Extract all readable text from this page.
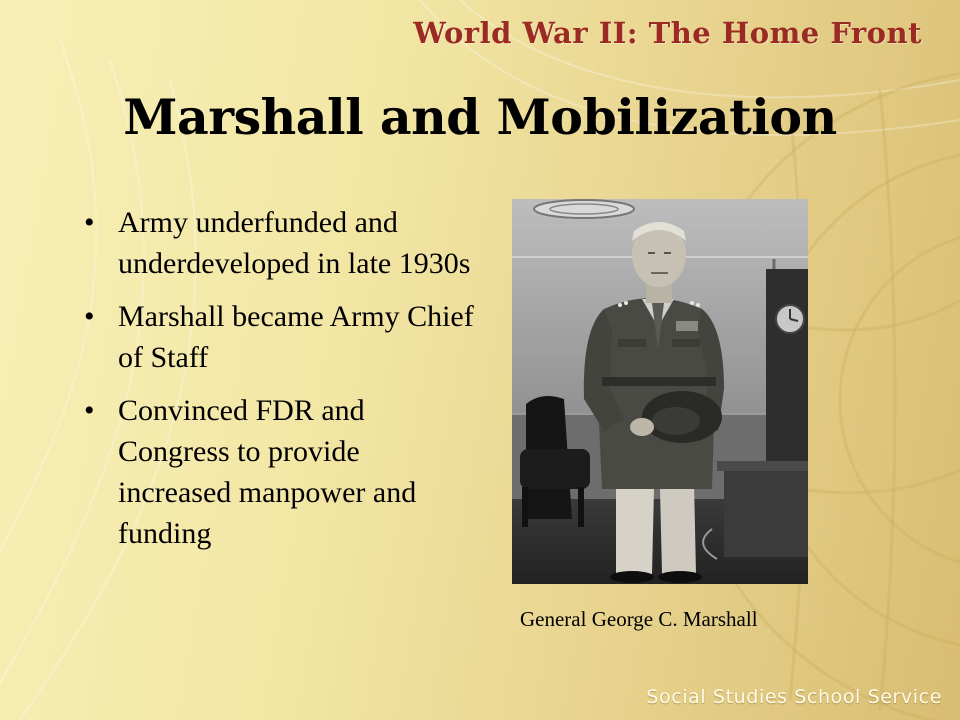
World War II: The Home Front
Marshall and Mobilization
• Army underfunded and underdeveloped in late 1930s
• Marshall became Army Chief of Staff
• Convinced FDR and Congress to provide increased manpower and funding
General George C. Marshall
Social Studies School Service
